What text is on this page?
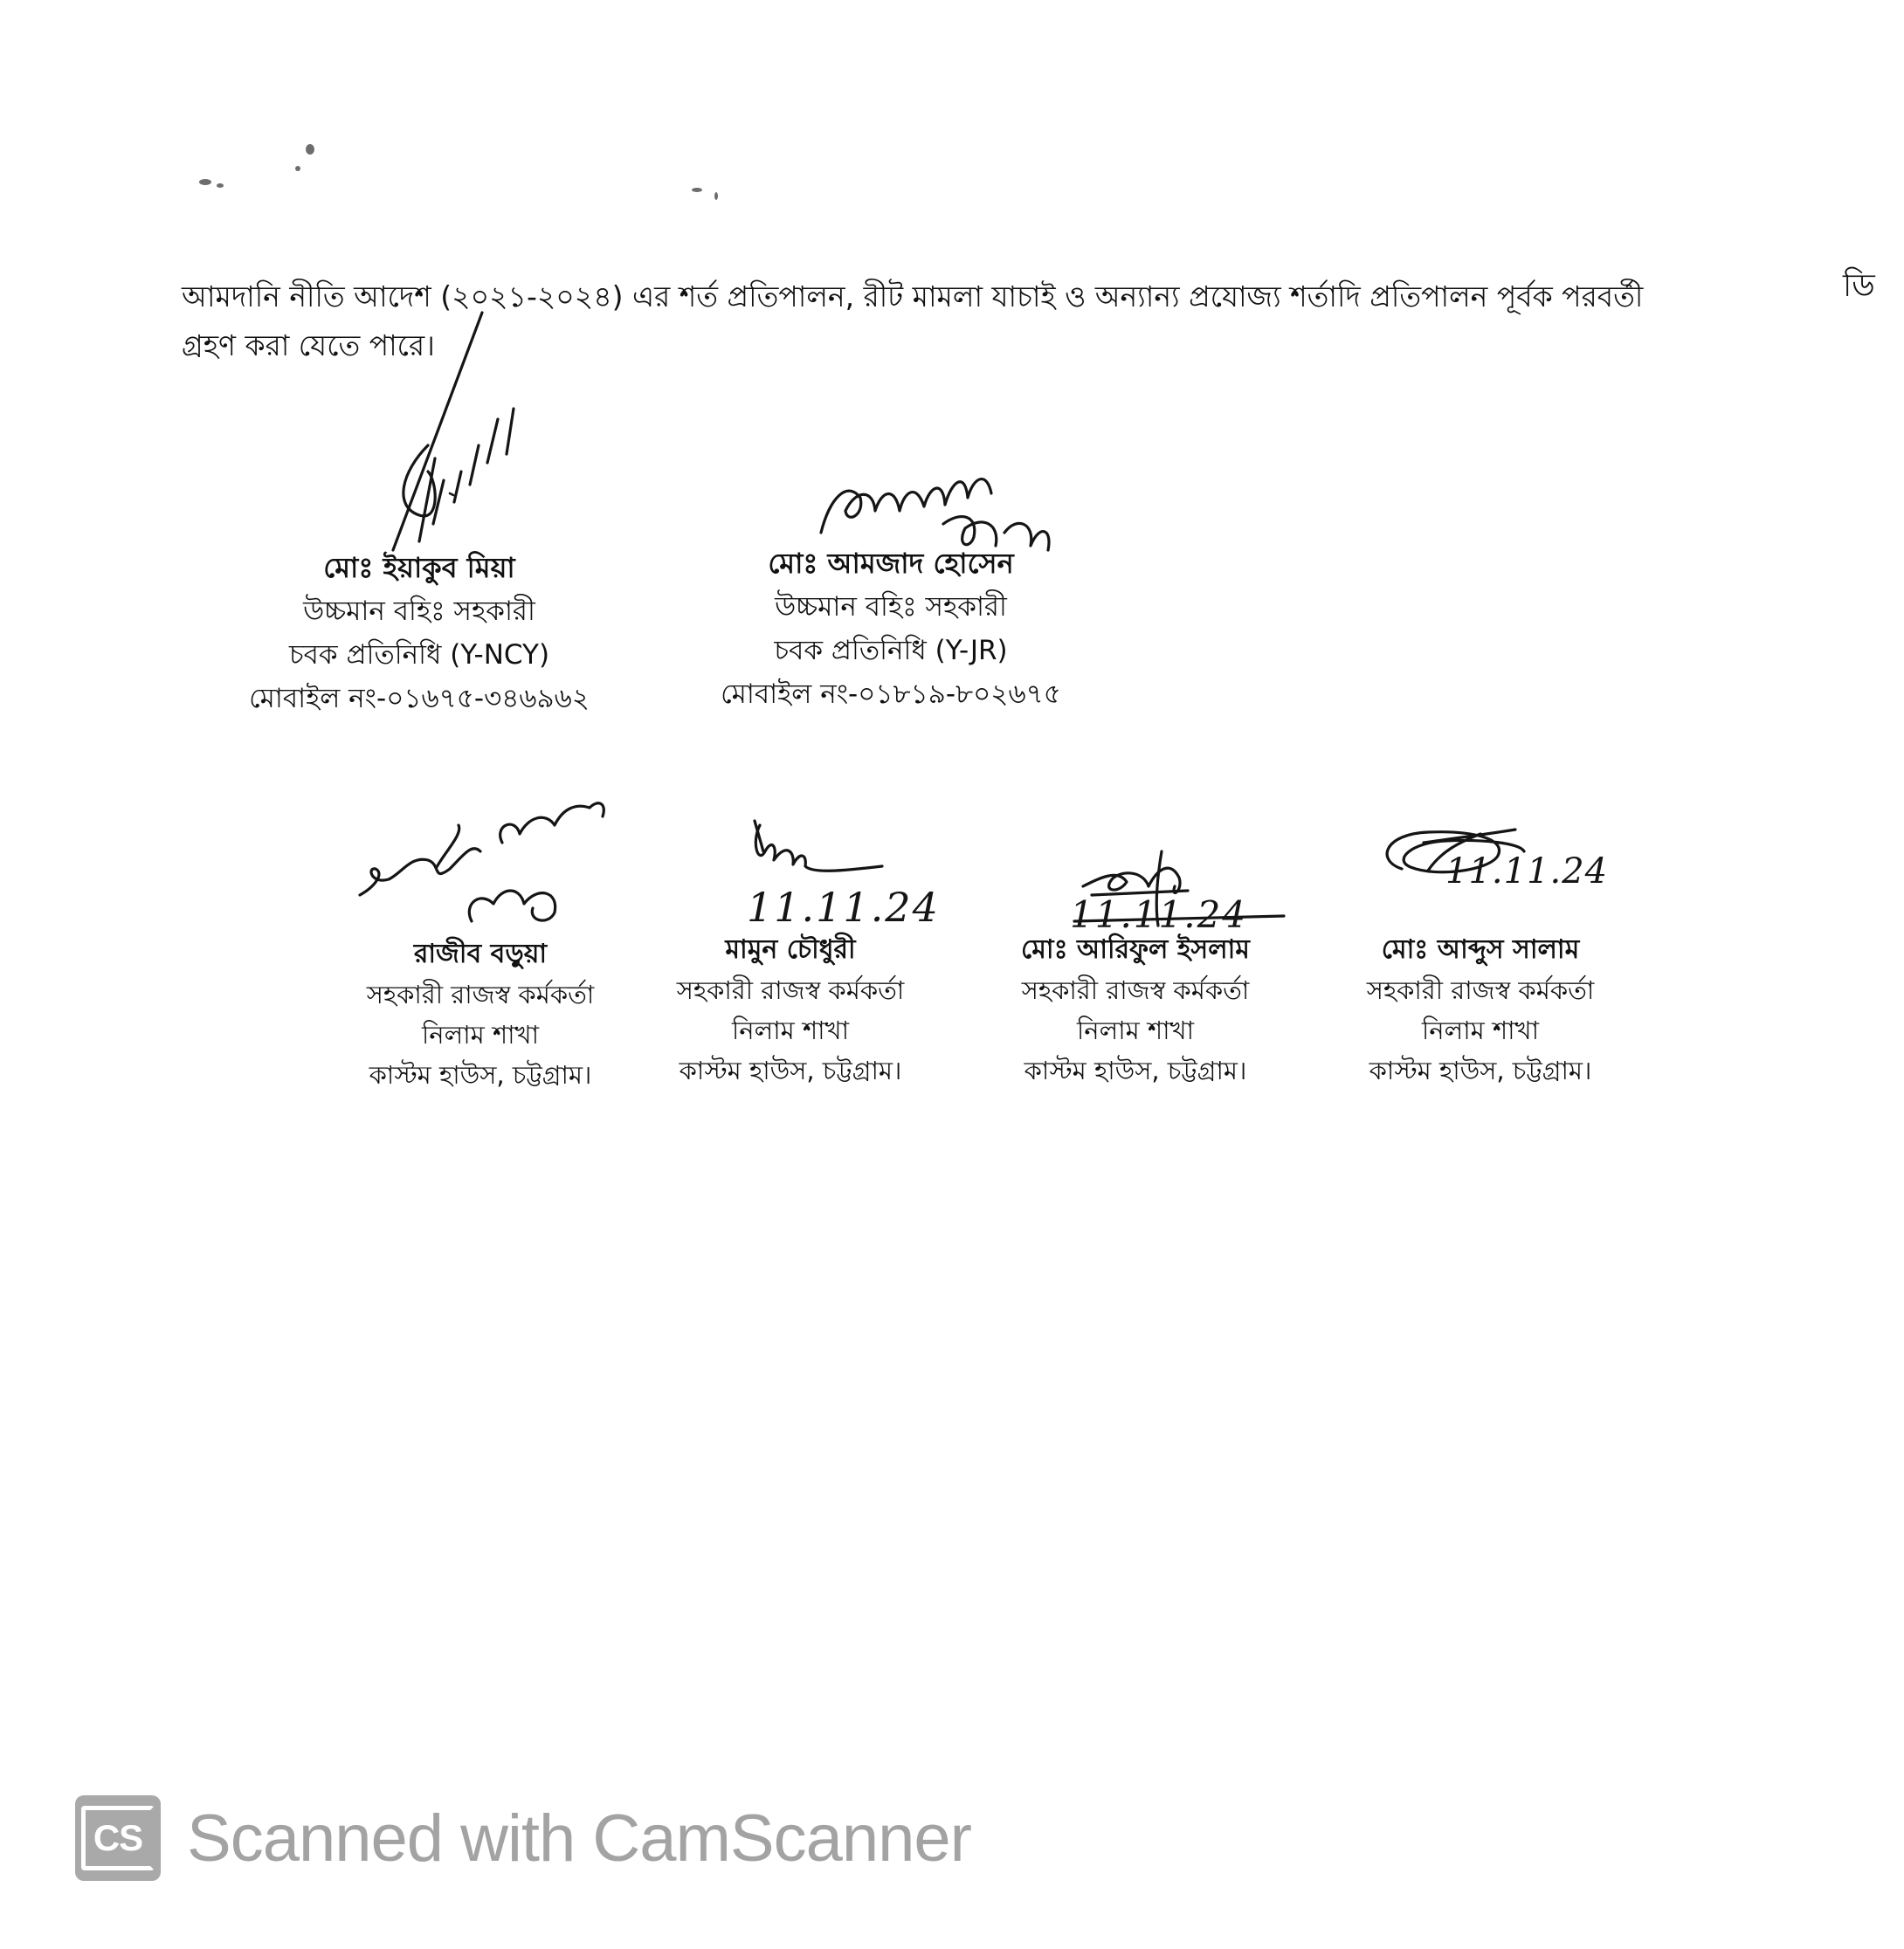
আমদানি নীতি আদেশ (২০২১-২০২৪) এর শর্ত প্রতিপালন, রীট মামলা যাচাই ও অন্যান্য প্রযোজ্য শর্তাদি প্রতিপালন পূর্বক পরবর্তী
গ্রহণ করা যেতে পারে।
ডি
মোঃ ইয়াকুব মিয়া
উচ্চমান বহিঃ সহকারী
চবক প্রতিনিধি (Y-NCY)
মোবাইল নং-০১৬৭৫-৩৪৬৯৬২
মোঃ আমজাদ হোসেন
উচ্চমান বহিঃ সহকারী
চবক প্রতিনিধি (Y-JR)
মোবাইল নং-০১৮১৯-৮০২৬৭৫
11.11.24	11.11.24
11.11.24
রাজীব বড়ুয়া
সহকারী রাজস্ব কর্মকর্তা
নিলাম শাখা
কাস্টম হাউস, চট্টগ্রাম।
মামুন চৌধুরী
সহকারী রাজস্ব কর্মকর্তা
নিলাম শাখা
কাস্টম হাউস, চট্টগ্রাম।
মোঃ আরিফুল ইসলাম
সহকারী রাজস্ব কর্মকর্তা
নিলাম শাখা
কাস্টম হাউস, চট্টগ্রাম।
মোঃ আব্দুস সালাম
সহকারী রাজস্ব কর্মকর্তা
নিলাম শাখা
কাস্টম হাউস, চট্টগ্রাম।
CS Scanned with CamScanner
